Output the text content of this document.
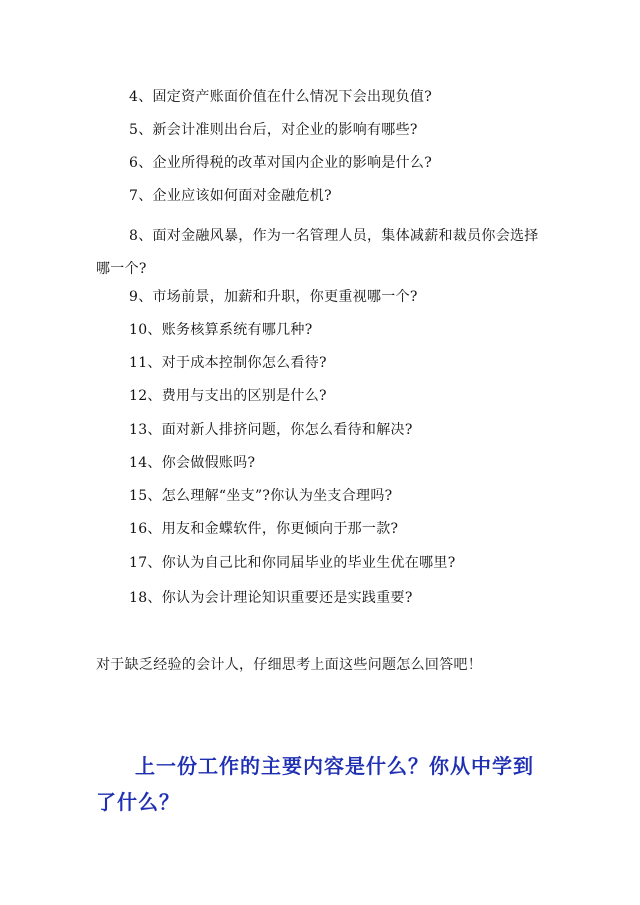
4、固定资产账面价值在什么情况下会出现负值?
5、新会计准则出台后，对企业的影响有哪些?
6、企业所得税的改革对国内企业的影响是什么?
7、企业应该如何面对金融危机?
8、面对金融风暴，作为一名管理人员，集体减薪和裁员你会选择哪一个?
9、市场前景，加薪和升职，你更重视哪一个?
10、账务核算系统有哪几种?
11、对于成本控制你怎么看待?
12、费用与支出的区别是什么?
13、面对新人排挤问题，你怎么看待和解决?
14、你会做假账吗?
15、怎么理解“坐支”?你认为坐支合理吗?
16、用友和金蝶软件，你更倾向于那一款?
17、你认为自己比和你同届毕业的毕业生优在哪里?
18、你认为会计理论知识重要还是实践重要?
对于缺乏经验的会计人，仔细思考上面这些问题怎么回答吧！
上一份工作的主要内容是什么？你从中学到了什么？
